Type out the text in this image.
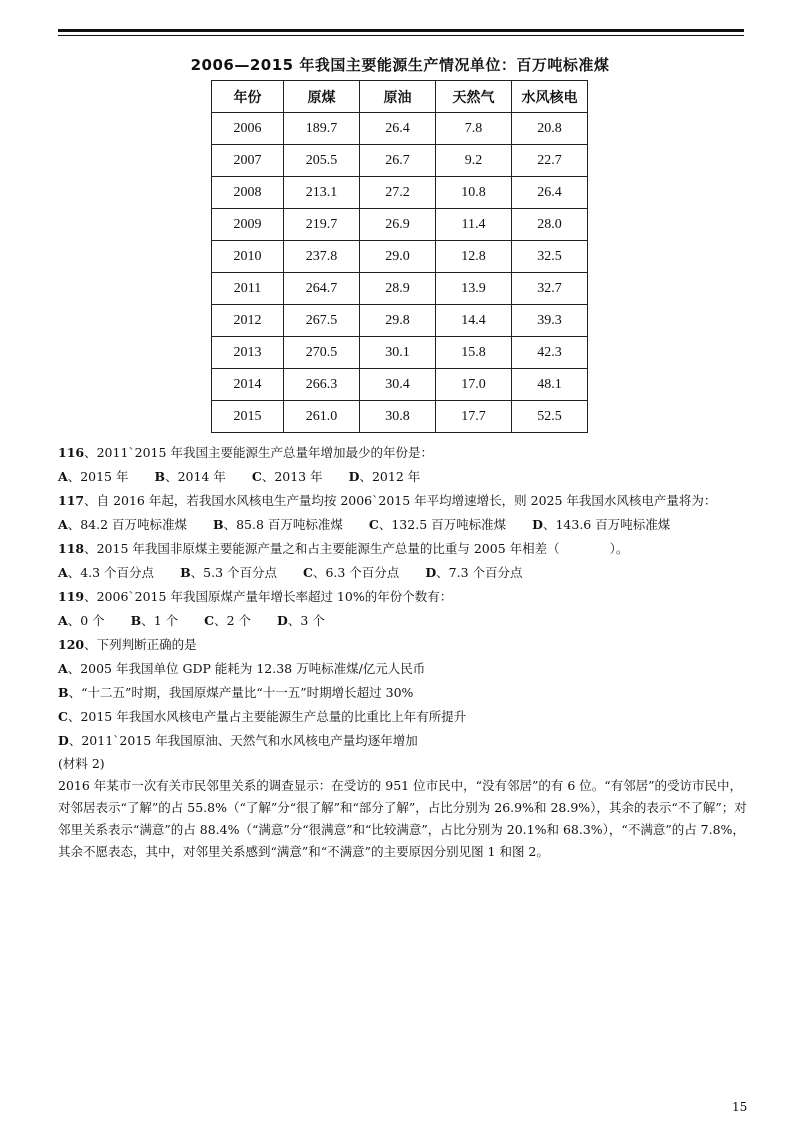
2006—2015 年我国主要能源生产情况单位：百万吨标准煤
年份	原煤	原油	天然气	水风核电
2006	189.7	26.4	7.8	20.8
2007	205.5	26.7	9.2	22.7
2008	213.1	27.2	10.8	26.4
2009	219.7	26.9	11.4	28.0
2010	237.8	29.0	12.8	32.5
2011	264.7	28.9	13.9	32.7
2012	267.5	29.8	14.4	39.3
2013	270.5	30.1	15.8	42.3
2014	266.3	30.4	17.0	48.1
2015	261.0	30.8	17.7	52.5
116、2011`2015 年我国主要能源生产总量年增加最少的年份是：
A、2015 年 B、2014 年 C、2013 年 D、2012 年
117、自 2016 年起，若我国水风核电生产量均按 2006`2015 年平均增速增长，则 2025 年我国水风核电产量将为：
A、84.2 百万吨标准煤 B、85.8 百万吨标准煤 C、132.5 百万吨标准煤 D、143.6 百万吨标准煤
118、2015 年我国非原煤主要能源产量之和占主要能源生产总量的比重与 2005 年相差（　　　　）。
A、4.3 个百分点 B、5.3 个百分点 C、6.3 个百分点 D、7.3 个百分点
119、2006`2015 年我国原煤产量年增长率超过 10%的年份个数有：
A、0 个 B、1 个 C、2 个 D、3 个
120、下列判断正确的是
A、2005 年我国单位 GDP 能耗为 12.38 万吨标准煤/亿元人民币
B、“十二五”时期，我国原煤产量比“十一五”时期增长超过 30%
C、2015 年我国水风核电产量占主要能源生产总量的比重比上年有所提升
D、2011`2015 年我国原油、天然气和水风核电产量均逐年增加
(材料 2)
2016 年某市一次有关市民邻里关系的调查显示：在受访的 951 位市民中，“没有邻居”的有 6 位。“有邻居”的受访市民中，对邻居表示“了解”的占 55.8%（“了解”分“很了解”和“部分了解”，占比分别为 26.9%和 28.9%），其余的表示“不了解”；对邻里关系表示“满意”的占 88.4%（“满意”分“很满意”和“比较满意”，占比分别为 20.1%和 68.3%），“不满意”的占 7.8%，其余不愿表态，其中，对邻里关系感到“满意”和“不满意”的主要原因分别见图 1 和图 2。
15
